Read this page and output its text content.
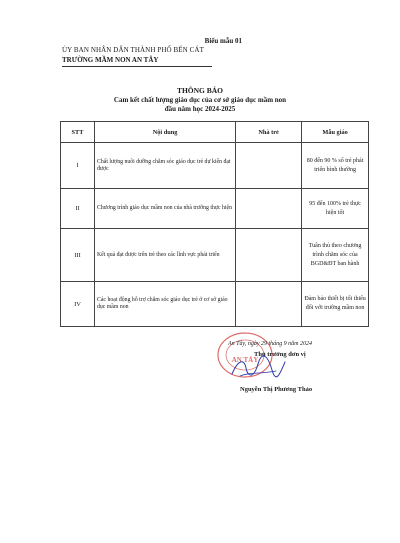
Biểu mẫu 01
ỦY BAN NHÂN DÂN THÀNH PHỐ BẾN CÁT
TRƯỜNG MẦM NON AN TÂY
THÔNG BÁO
Cam kết chất lượng giáo dục của cơ sở giáo dục mầm non
đầu năm học 2024-2025
STT	Nội dung	Nhà trẻ	Mẫu giáo
I	Chất lượng nuôi dưỡng chăm sóc giáo dục trẻ dự kiến đạt được		80 đến 90 % số trẻ phát triển bình thường
II	Chương trình giáo dục mầm non của nhà trường thực hiện		95 đến 100% trẻ thực hiện tốt
III	Kết quả đạt được trên trẻ theo các lĩnh vực phát triển		Tuân thủ theo chương trình chăm sóc của BGD&ĐT ban hành
IV	Các hoạt động hỗ trợ chăm sóc giáo dục trẻ ở cơ sở giáo dục mầm non		Đảm bảo thiết bị tối thiểu đối với trường mầm non
AN TÂY
An Tây, ngày 29 tháng 9 năm 2024
Thủ trưởng đơn vị
Nguyễn Thị Phương Thảo
